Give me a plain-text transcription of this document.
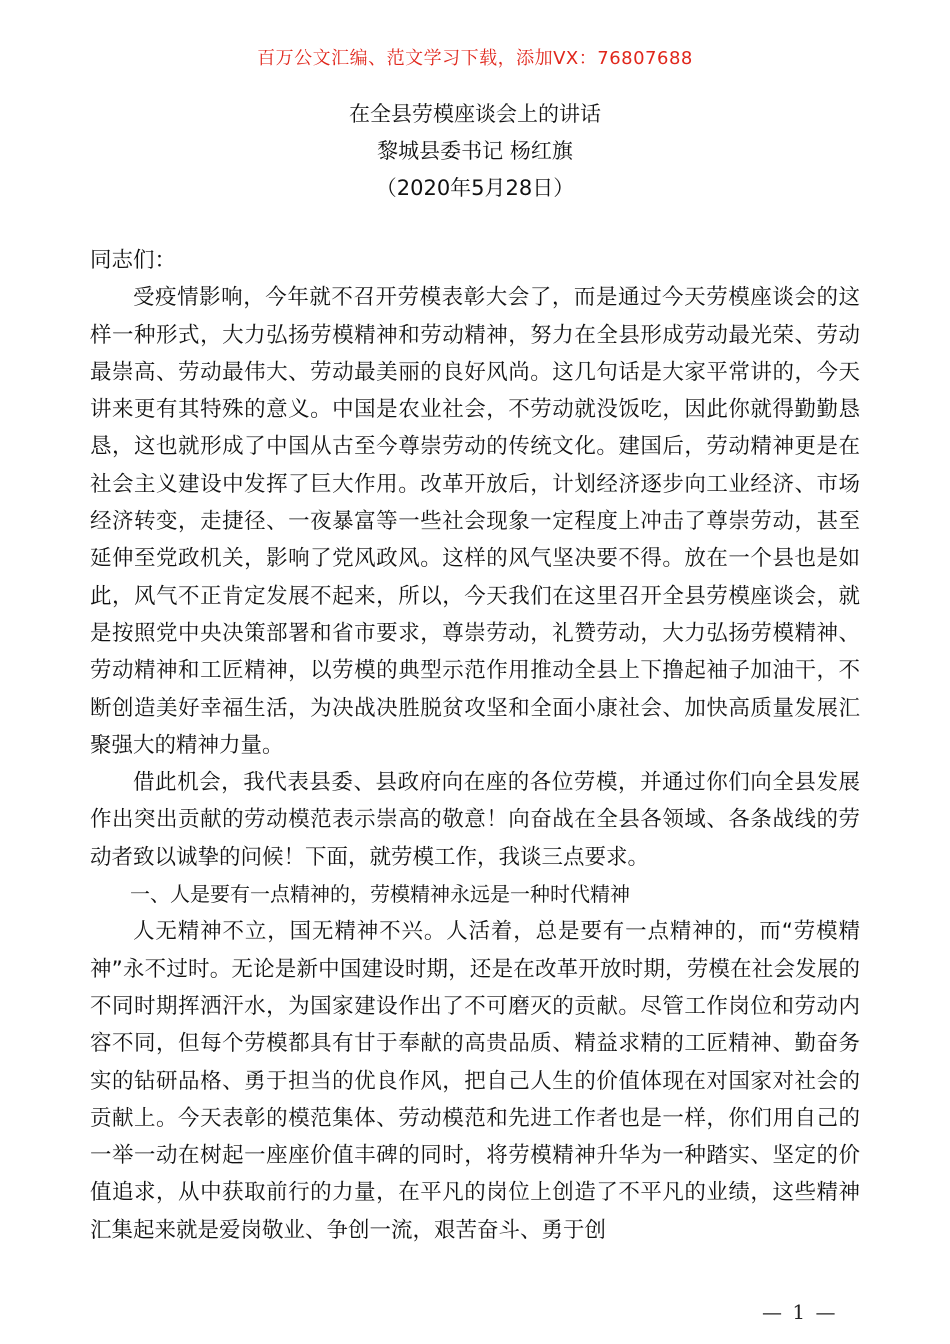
百万公文汇编、范文学习下载，添加VX：76807688
在全县劳模座谈会上的讲话
黎城县委书记 杨红旗
（2020年5月28日）

同志们：

受疫情影响，今年就不召开劳模表彰大会了，而是通过今天劳模座谈会的这样一种形式，大力弘扬劳模精神和劳动精神，努力在全县形成劳动最光荣、劳动最崇高、劳动最伟大、劳动最美丽的良好风尚。这几句话是大家平常讲的，今天讲来更有其特殊的意义。中国是农业社会，不劳动就没饭吃，因此你就得勤勤恳恳，这也就形成了中国从古至今尊崇劳动的传统文化。建国后，劳动精神更是在社会主义建设中发挥了巨大作用。改革开放后，计划经济逐步向工业经济、市场经济转变，走捷径、一夜暴富等一些社会现象一定程度上冲击了尊崇劳动，甚至延伸至党政机关，影响了党风政风。这样的风气坚决要不得。放在一个县也是如此，风气不正肯定发展不起来，所以，今天我们在这里召开全县劳模座谈会，就是按照党中央决策部署和省市要求，尊崇劳动，礼赞劳动，大力弘扬劳模精神、劳动精神和工匠精神，以劳模的典型示范作用推动全县上下撸起袖子加油干，不断创造美好幸福生活，为决战决胜脱贫攻坚和全面小康社会、加快高质量发展汇聚强大的精神力量。

借此机会，我代表县委、县政府向在座的各位劳模，并通过你们向全县发展作出突出贡献的劳动模范表示崇高的敬意！向奋战在全县各领域、各条战线的劳动者致以诚挚的问候！下面，就劳模工作，我谈三点要求。

一、人是要有一点精神的，劳模精神永远是一种时代精神

人无精神不立，国无精神不兴。人活着，总是要有一点精神的，而“劳模精神”永不过时。无论是新中国建设时期，还是在改革开放时期，劳模在社会发展的不同时期挥洒汗水，为国家建设作出了不可磨灭的贡献。尽管工作岗位和劳动内容不同，但每个劳模都具有甘于奉献的高贵品质、精益求精的工匠精神、勤奋务实的钻研品格、勇于担当的优良作风，把自己人生的价值体现在对国家对社会的贡献上。今天表彰的模范集体、劳动模范和先进工作者也是一样，你们用自己的一举一动在树起一座座价值丰碑的同时，将劳模精神升华为一种踏实、坚定的价值追求，从中获取前行的力量，在平凡的岗位上创造了不平凡的业绩，这些精神汇集起来就是爱岗敬业、争创一流，艰苦奋斗、勇于创

— 1 —
